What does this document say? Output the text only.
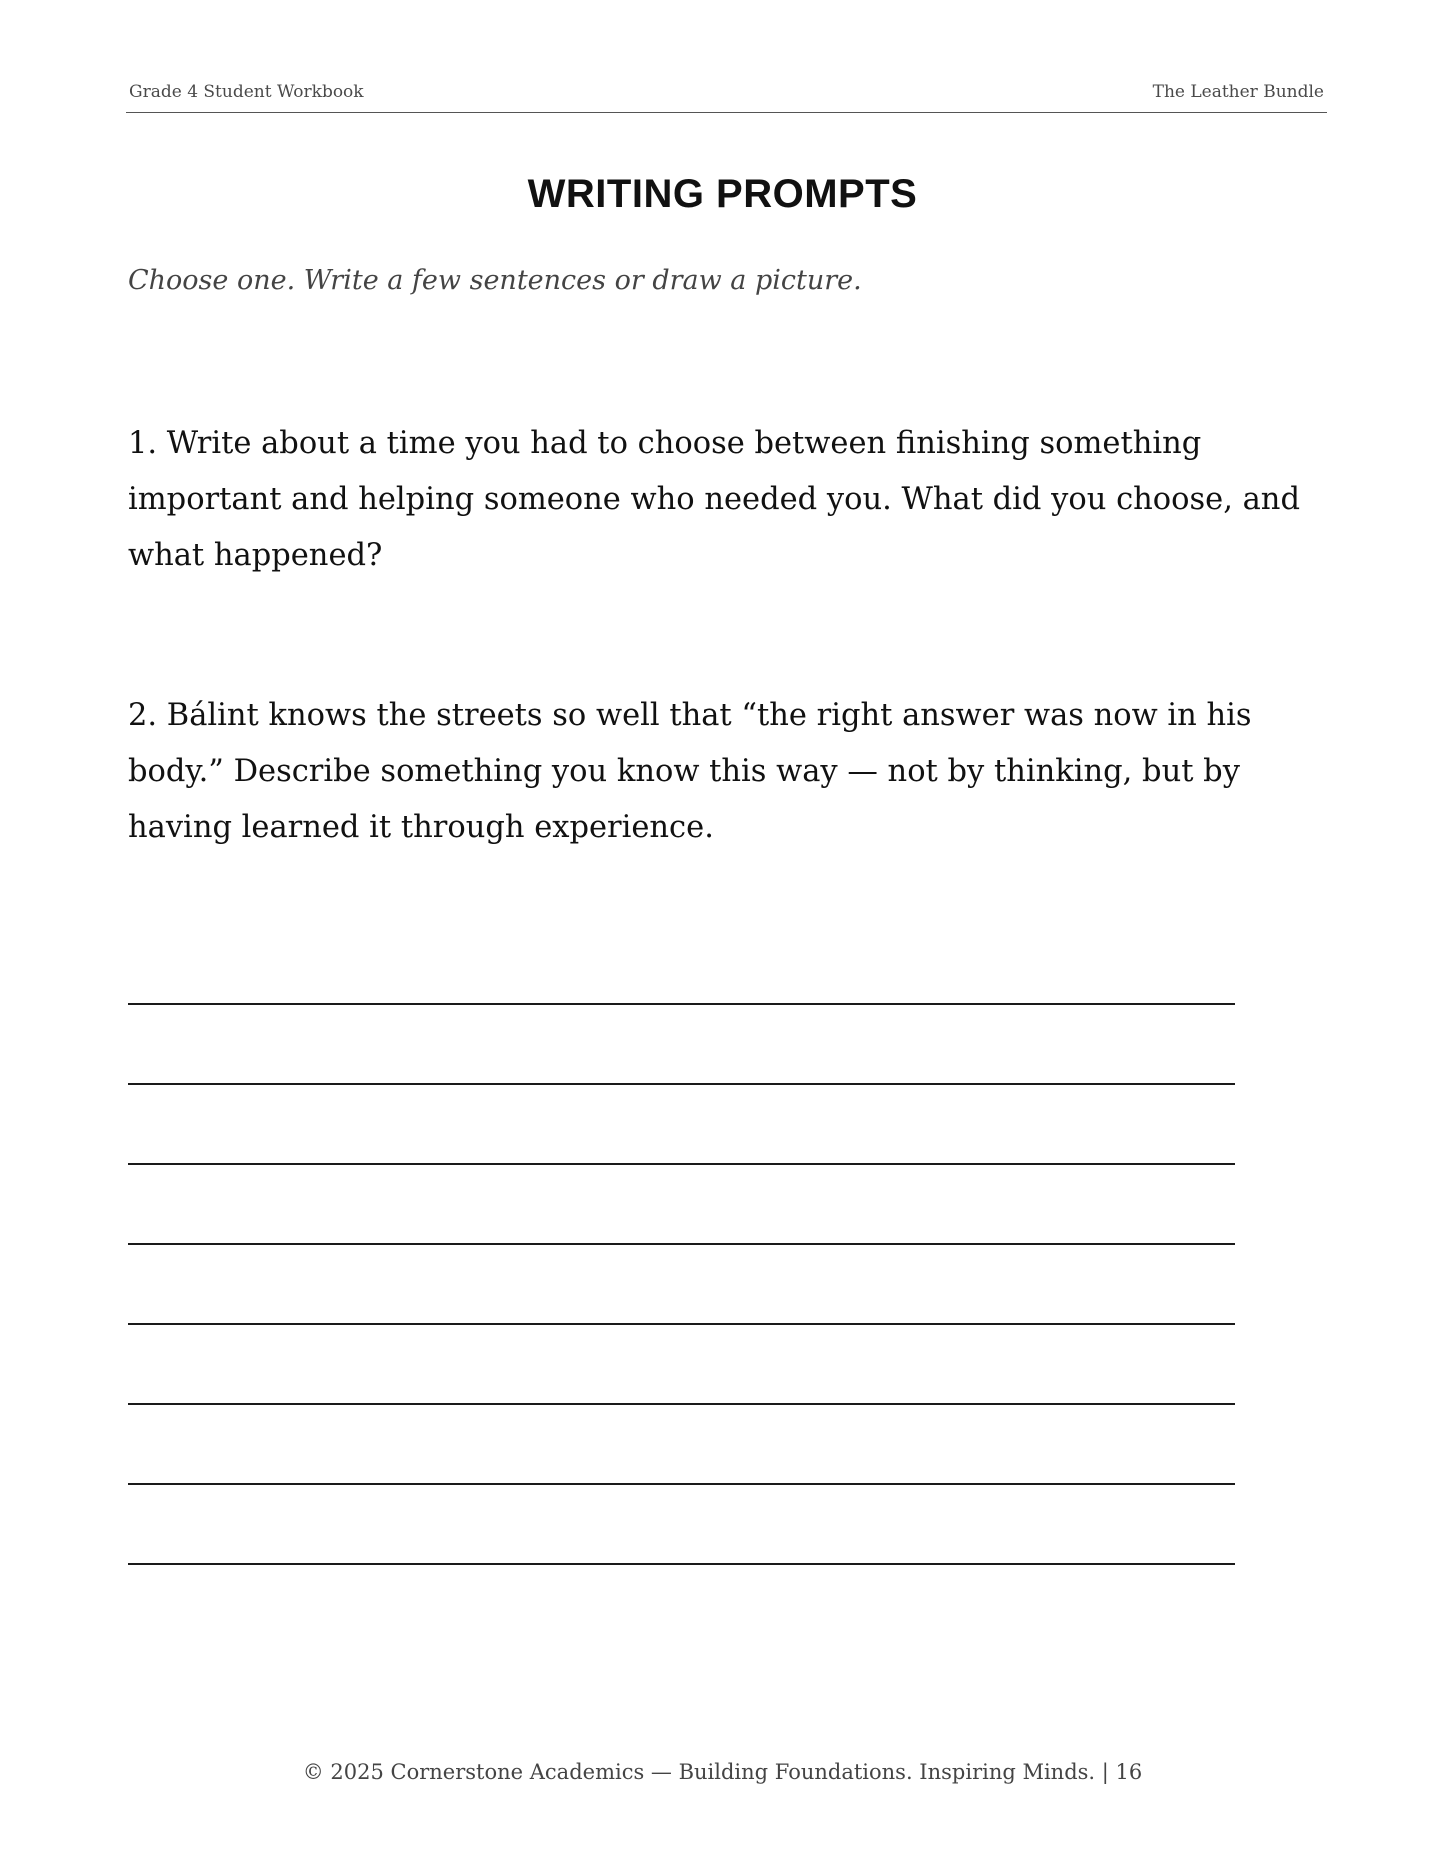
Grade 4 Student Workbook	The Leather Bundle
WRITING PROMPTS

Choose one. Write a few sentences or draw a picture.

1. Write about a time you had to choose between finishing something important and helping someone who needed you. What did you choose, and what happened?

2. Bálint knows the streets so well that “the right answer was now in his body.” Describe something you know this way — not by thinking, but by having learned it through experience.

© 2025 Cornerstone Academics — Building Foundations. Inspiring Minds. | 16
